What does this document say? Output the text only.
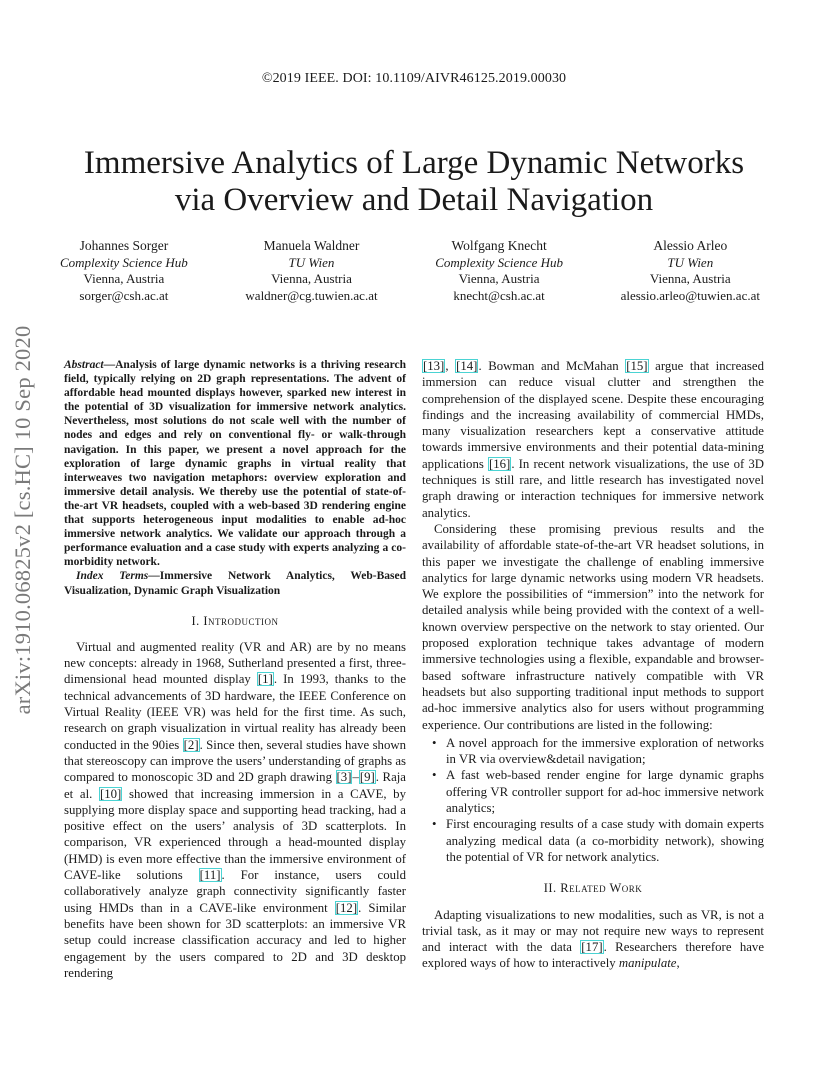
©2019 IEEE. DOI: 10.1109/AIVR46125.2019.00030
Immersive Analytics of Large Dynamic Networks
via Overview and Detail Navigation
Johannes Sorger
Complexity Science Hub
Vienna, Austria
sorger@csh.ac.at
Manuela Waldner
TU Wien
Vienna, Austria
waldner@cg.tuwien.ac.at
Wolfgang Knecht
Complexity Science Hub
Vienna, Austria
knecht@csh.ac.at
Alessio Arleo
TU Wien
Vienna, Austria
alessio.arleo@tuwien.ac.at
arXiv:1910.06825v2 [cs.HC] 10 Sep 2020	Abstract—Analysis of large dynamic networks is a thriving research field, typically relying on 2D graph representations. The advent of affordable head mounted displays however, sparked new interest in the potential of 3D visualization for immersive network analytics. Nevertheless, most solutions do not scale well with the number of nodes and edges and rely on conventional fly- or walk-through navigation. In this paper, we present a novel approach for the exploration of large dynamic graphs in virtual reality that interweaves two navigation metaphors: overview exploration and immersive detail analysis. We thereby use the potential of state-of-the-art VR headsets, coupled with a web-based 3D rendering engine that supports heterogeneous input modalities to enable ad-hoc immersive network analytics. We validate our approach through a performance evaluation and a case study with experts analyzing a co-morbidity network.

Index Terms—Immersive Network Analytics, Web-Based Visualization, Dynamic Graph Visualization

I. Introduction

Virtual and augmented reality (VR and AR) are by no means new concepts: already in 1968, Sutherland presented a first, three-dimensional head mounted display [1]. In 1993, thanks to the technical advancements of 3D hardware, the IEEE Conference on Virtual Reality (IEEE VR) was held for the first time. As such, research on graph visualization in virtual reality has already been conducted in the 90ies [2]. Since then, several studies have shown that stereoscopy can improve the users’ understanding of graphs as compared to monoscopic 3D and 2D graph drawing [3]–[9]. Raja et al. [10] showed that increasing immersion in a CAVE, by supplying more display space and supporting head tracking, had a positive effect on the users’ analysis of 3D scatterplots. In comparison, VR experienced through a head-mounted display (HMD) is even more effective than the immersive environment of CAVE-like solutions [11]. For instance, users could collaboratively analyze graph connectivity significantly faster using HMDs than in a CAVE-like environment [12]. Similar benefits have been shown for 3D scatterplots: an immersive VR setup could increase classification accuracy and led to higher engagement by the users compared to 2D and 3D desktop rendering

[13], [14]. Bowman and McMahan [15] argue that increased immersion can reduce visual clutter and strengthen the comprehension of the displayed scene. Despite these encouraging findings and the increasing availability of commercial HMDs, many visualization researchers kept a conservative attitude towards immersive environments and their potential data-mining applications [16]. In recent network visualizations, the use of 3D techniques is still rare, and little research has investigated novel graph drawing or interaction techniques for immersive network analytics.

Considering these promising previous results and the availability of affordable state-of-the-art VR headset solutions, in this paper we investigate the challenge of enabling immersive analytics for large dynamic networks using modern VR headsets. We explore the possibilities of “immersion” into the network for detailed analysis while being provided with the context of a well-known overview perspective on the network to stay oriented. Our proposed exploration technique takes advantage of modern immersive technologies using a flexible, expandable and browser-based software infrastructure natively compatible with VR headsets but also supporting traditional input methods to support ad-hoc immersive analytics also for users without programming experience. Our contributions are listed in the following:

• A novel approach for the immersive exploration of networks in VR via overview&detail navigation;
• A fast web-based render engine for large dynamic graphs offering VR controller support for ad-hoc immersive network analytics;
• First encouraging results of a case study with domain experts analyzing medical data (a co-morbidity network), showing the potential of VR for network analytics.
II. Related Work

Adapting visualizations to new modalities, such as VR, is not a trivial task, as it may or may not require new ways to represent and interact with the data [17]. Researchers therefore have explored ways of how to interactively manipulate,
